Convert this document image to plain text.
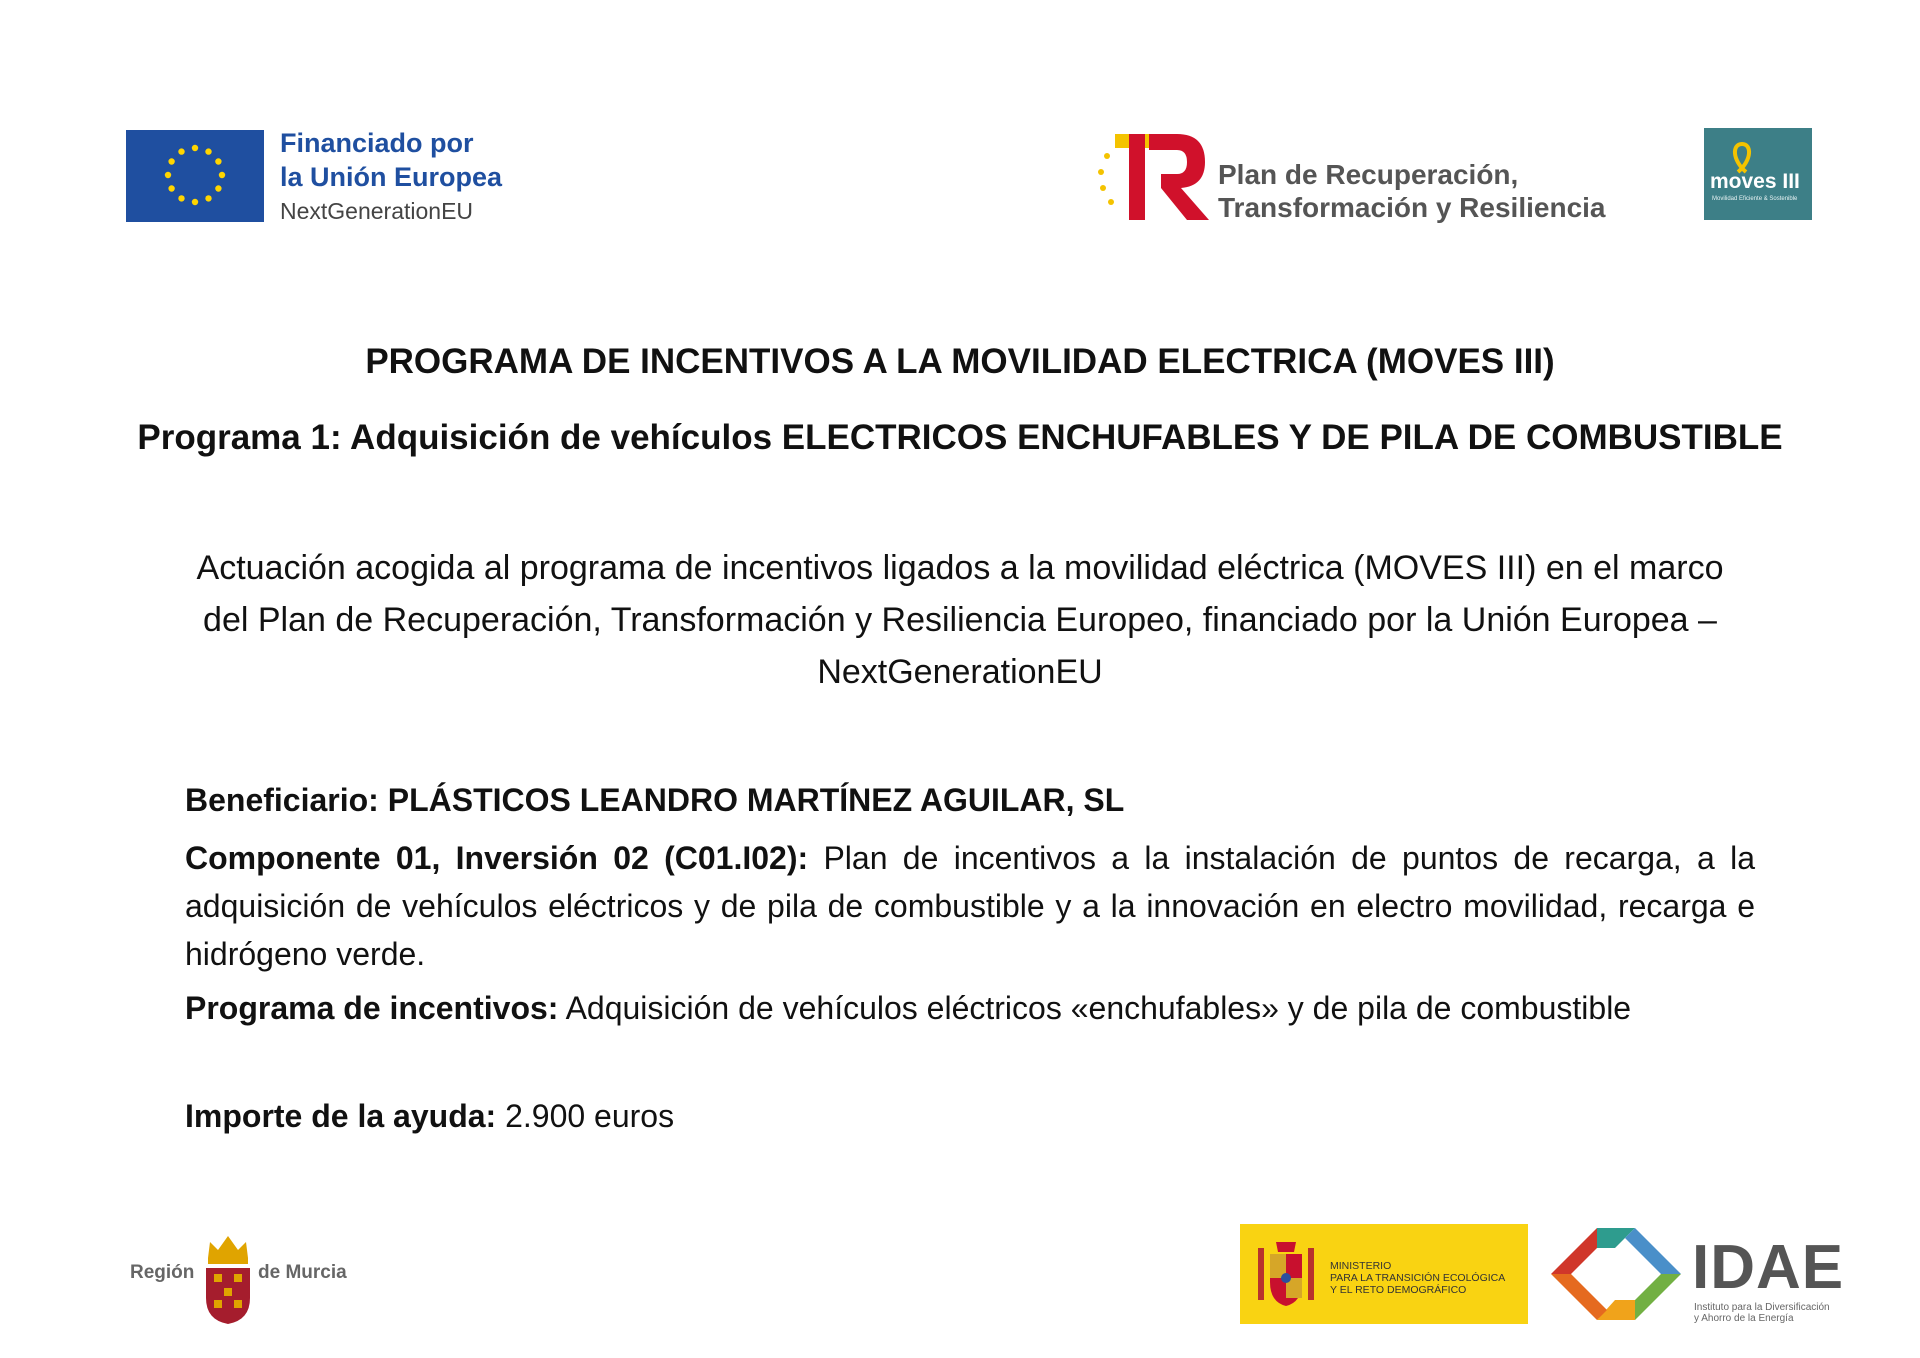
Financiado por
la Unión Europea
NextGenerationEU
Plan de Recuperación,
Transformación y Resiliencia
moves III
Movilidad Eficiente & Sostenible
PROGRAMA DE INCENTIVOS A LA MOVILIDAD ELECTRICA (MOVES III)
Programa 1: Adquisición de vehículos ELECTRICOS ENCHUFABLES Y DE PILA DE COMBUSTIBLE
Actuación acogida al programa de incentivos ligados a la movilidad eléctrica (MOVES III) en el marco del Plan de Recuperación, Transformación y Resiliencia Europeo, financiado por la Unión Europea – NextGenerationEU
Beneficiario: PLÁSTICOS LEANDRO MARTÍNEZ AGUILAR, SL
Componente 01, Inversión 02 (C01.I02): Plan de incentivos a la instalación de puntos de recarga, a la adquisición de vehículos eléctricos y de pila de combustible y a la innovación en electro movilidad, recarga e hidrógeno verde.
Programa de incentivos: Adquisición de vehículos eléctricos «enchufables» y de pila de combustible
Importe de la ayuda: 2.900 euros
Región	de Murcia	MINISTERIO
PARA LA TRANSICIÓN ECOLÓGICA
Y EL RETO DEMOGRÁFICO	IDAE
Instituto para la Diversificación
y Ahorro de la Energía
